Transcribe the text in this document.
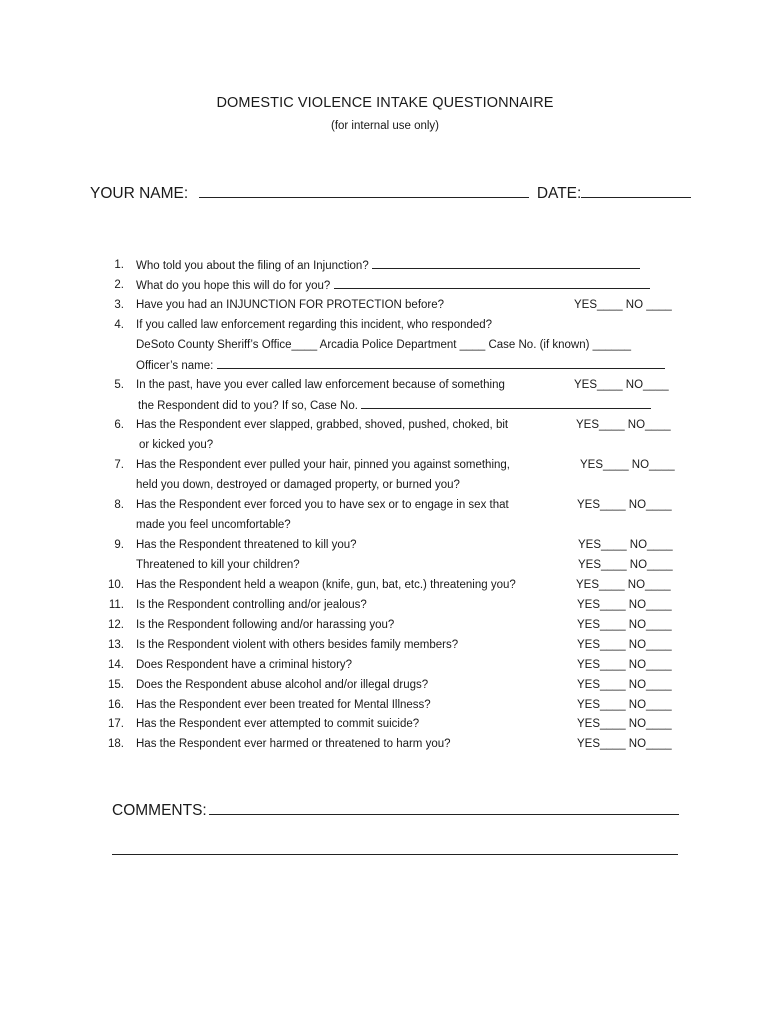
DOMESTIC VIOLENCE INTAKE QUESTIONNAIRE
(for internal use only)
YOUR NAME:	DATE:
1. Who told you about the filing of an Injunction?
2. What do you hope this will do for you?
3. Have you had an INJUNCTION FOR PROTECTION before?	YES____ NO ____
4. If you called law enforcement regarding this incident, who responded?
DeSoto County Sheriff’s Office____ Arcadia Police Department ____ Case No. (if known) ______
Officer’s name:
5. In the past, have you ever called law enforcement because of something	YES____ NO____
the Respondent did to you? If so, Case No.
6. Has the Respondent ever slapped, grabbed, shoved, pushed, choked, bit	YES____ NO____
or kicked you?
7. Has the Respondent ever pulled your hair, pinned you against something,	YES____ NO____
held you down, destroyed or damaged property, or burned you?
8. Has the Respondent ever forced you to have sex or to engage in sex that	YES____ NO____
made you feel uncomfortable?
9. Has the Respondent threatened to kill you?	YES____ NO____
Threatened to kill your children?	YES____ NO____
10. Has the Respondent held a weapon (knife, gun, bat, etc.) threatening you?	YES____ NO____
11. Is the Respondent controlling and/or jealous?	YES____ NO____
12. Is the Respondent following and/or harassing you?	YES____ NO____
13. Is the Respondent violent with others besides family members?	YES____ NO____
14. Does Respondent have a criminal history?	YES____ NO____
15. Does the Respondent abuse alcohol and/or illegal drugs?	YES____ NO____
16. Has the Respondent ever been treated for Mental Illness?	YES____ NO____
17. Has the Respondent ever attempted to commit suicide?	YES____ NO____
18. Has the Respondent ever harmed or threatened to harm you?	YES____ NO____
COMMENTS:
